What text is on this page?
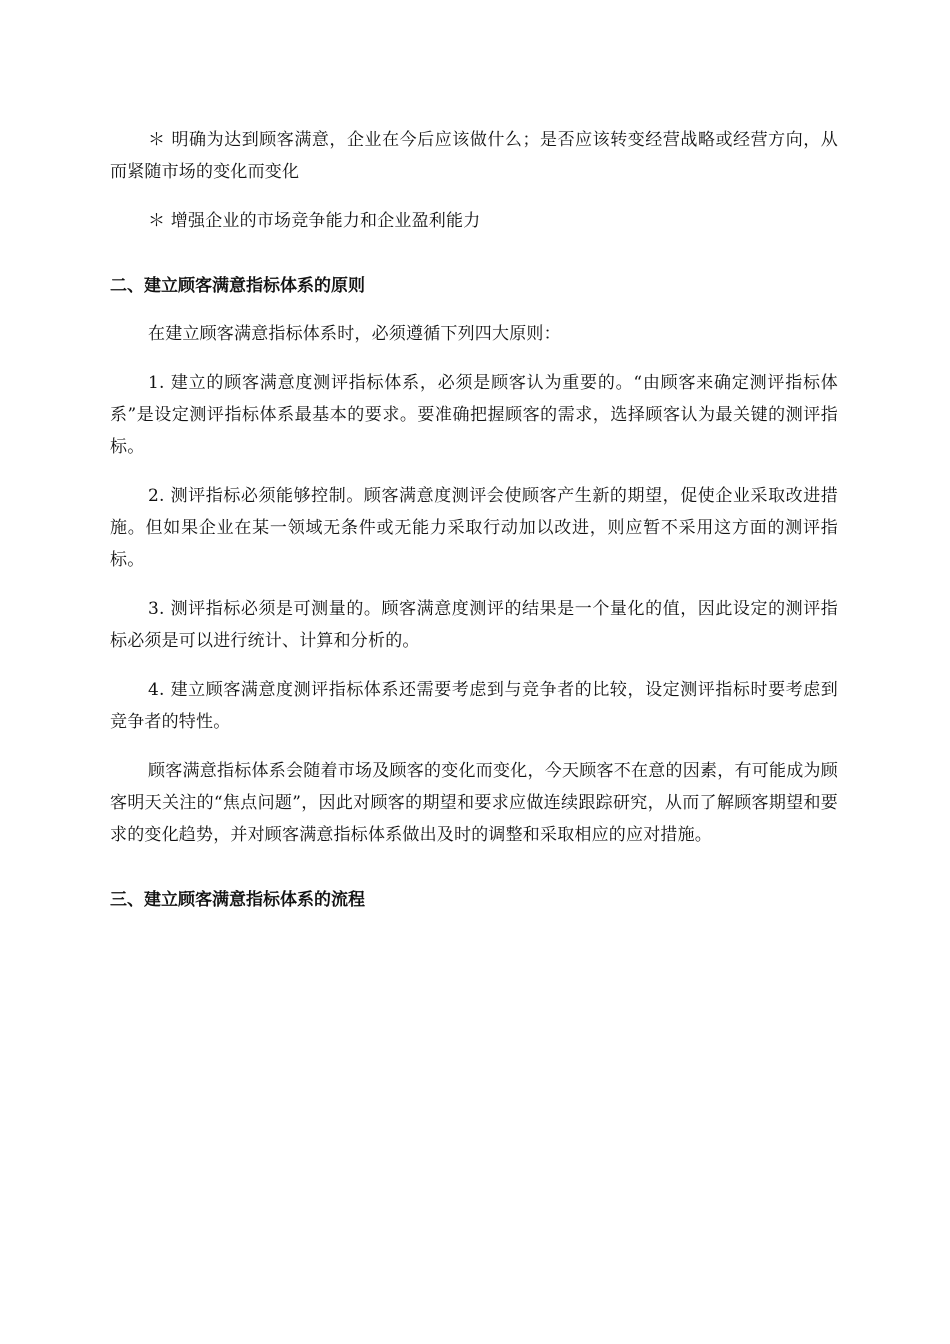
＊ 明确为达到顾客满意，企业在今后应该做什么；是否应该转变经营战略或经营方向，从而紧随市场的变化而变化

＊ 增强企业的市场竞争能力和企业盈利能力

二、建立顾客满意指标体系的原则

在建立顾客满意指标体系时，必须遵循下列四大原则：

1. 建立的顾客满意度测评指标体系，必须是顾客认为重要的。“由顾客来确定测评指标体系”是设定测评指标体系最基本的要求。要准确把握顾客的需求，选择顾客认为最关键的测评指标。

2. 测评指标必须能够控制。顾客满意度测评会使顾客产生新的期望，促使企业采取改进措施。但如果企业在某一领域无条件或无能力采取行动加以改进，则应暂不采用这方面的测评指标。

3. 测评指标必须是可测量的。顾客满意度测评的结果是一个量化的值，因此设定的测评指标必须是可以进行统计、计算和分析的。

4. 建立顾客满意度测评指标体系还需要考虑到与竞争者的比较，设定测评指标时要考虑到竞争者的特性。

顾客满意指标体系会随着市场及顾客的变化而变化，今天顾客不在意的因素，有可能成为顾客明天关注的“焦点问题”，因此对顾客的期望和要求应做连续跟踪研究，从而了解顾客期望和要求的变化趋势，并对顾客满意指标体系做出及时的调整和采取相应的应对措施。

三、建立顾客满意指标体系的流程
